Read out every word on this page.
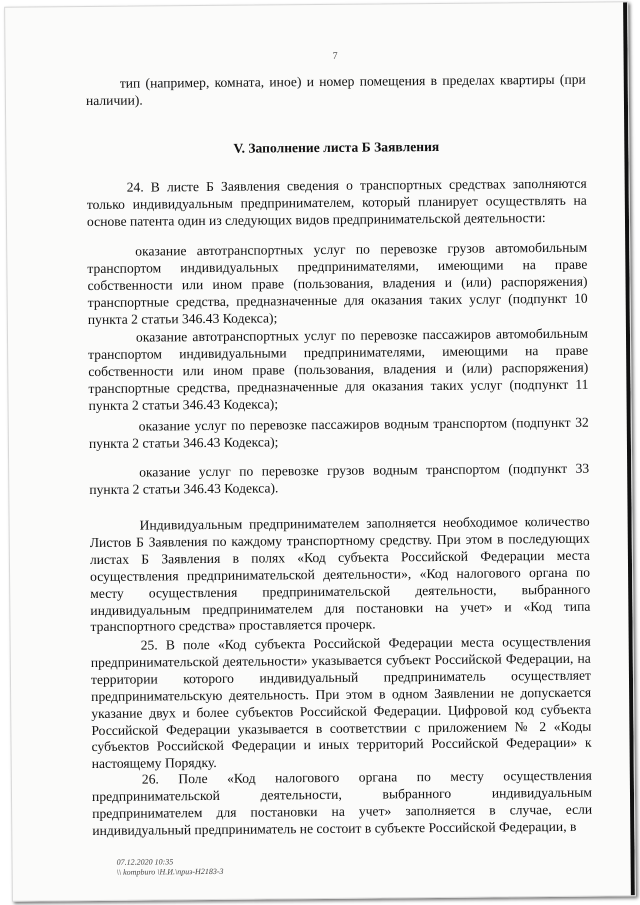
7

тип (например, комната, иное) и номер помещения в пределах квартиры (при наличии).

V. Заполнение листа Б Заявления

24. В листе Б Заявления сведения о транспортных средствах заполняются только индивидуальным предпринимателем, который планирует осуществлять на основе патента один из следующих видов предпринимательской деятельности:

оказание автотранспортных услуг по перевозке грузов автомобильным транспортом индивидуальных предпринимателями, имеющими на праве собственности или ином праве (пользования, владения и (или) распоряжения) транспортные средства, предназначенные для оказания таких услуг (подпункт 10 пункта 2 статьи 346.43 Кодекса);

оказание автотранспортных услуг по перевозке пассажиров автомобильным транспортом индивидуальными предпринимателями, имеющими на праве собственности или ином праве (пользования, владения и (или) распоряжения) транспортные средства, предназначенные для оказания таких услуг (подпункт 11 пункта 2 статьи 346.43 Кодекса);

оказание услуг по перевозке пассажиров водным транспортом (подпункт 32 пункта 2 статьи 346.43 Кодекса);

оказание услуг по перевозке грузов водным транспортом (подпункт 33 пункта 2 статьи 346.43 Кодекса).

Индивидуальным предпринимателем заполняется необходимое количество Листов Б Заявления по каждому транспортному средству. При этом в последующих листах Б Заявления в полях «Код субъекта Российской Федерации места осуществления предпринимательской деятельности», «Код налогового органа по месту осуществления предпринимательской деятельности, выбранного индивидуальным предпринимателем для постановки на учет» и «Код типа транспортного средства» проставляется прочерк.

25. В поле «Код субъекта Российской Федерации места осуществления предпринимательской деятельности» указывается субъект Российской Федерации, на территории которого индивидуальный предприниматель осуществляет предпринимательскую деятельность. При этом в одном Заявлении не допускается указание двух и более субъектов Российской Федерации. Цифровой код субъекта Российской Федерации указывается в соответствии с приложением № 2 «Коды субъектов Российской Федерации и иных территорий Российской Федерации» к настоящему Порядку.

26. Поле «Код налогового органа по месту осуществления предпринимательской деятельности, выбранного индивидуальным предпринимателем для постановки на учет» заполняется в случае, если индивидуальный предприниматель не состоит в субъекте Российской Федерации, в

07.12.2020 10:35
\\ kompburo \Н.И.\приз-Н2183-3
